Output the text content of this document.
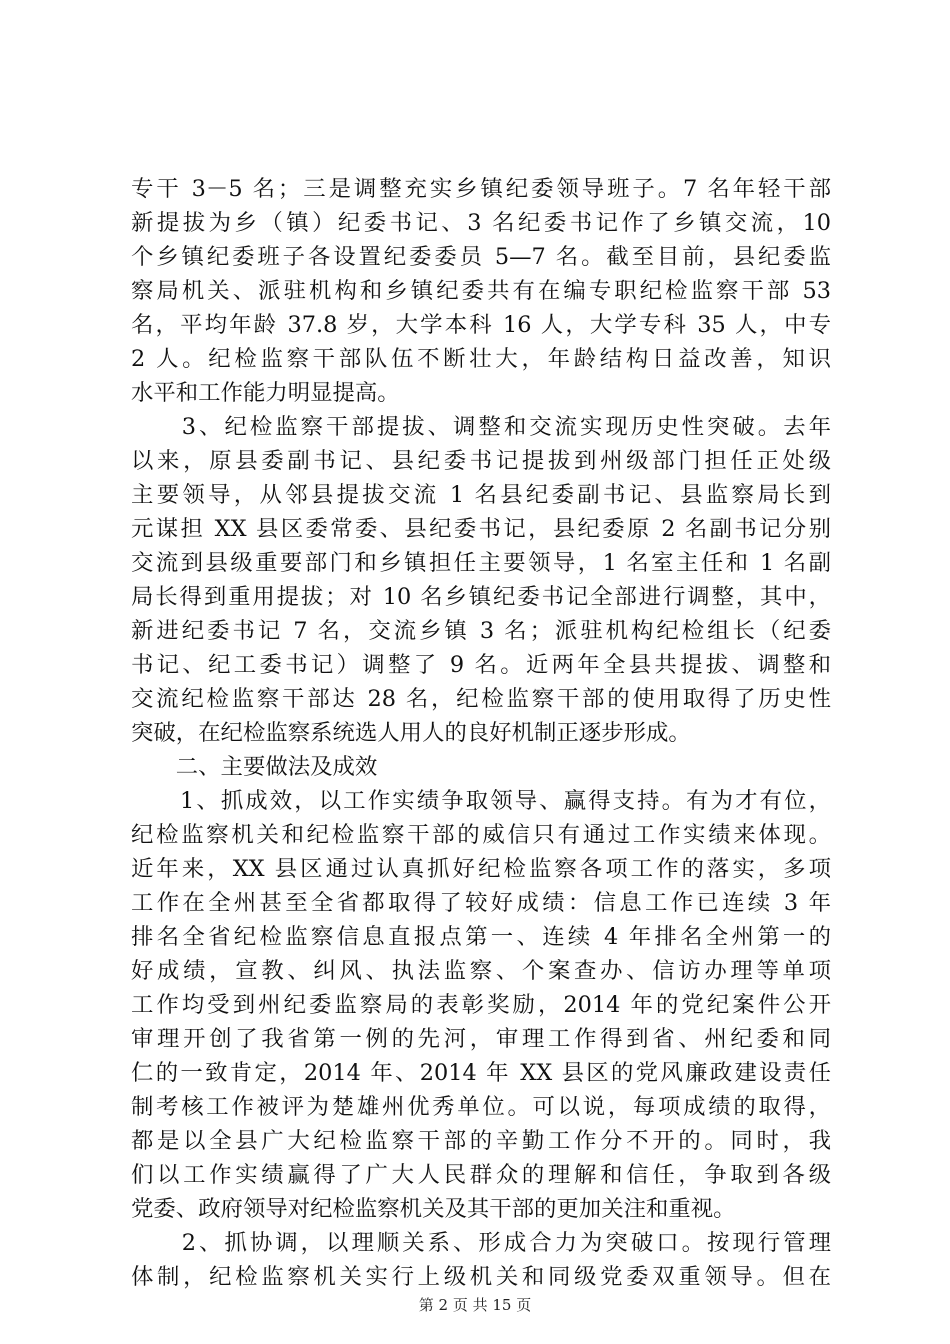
专干 3－5 名；三是调整充实乡镇纪委领导班子。7 名年轻干部
新提拔为乡（镇）纪委书记、3 名纪委书记作了乡镇交流，10
个乡镇纪委班子各设置纪委委员 5—7 名。截至目前，县纪委监
察局机关、派驻机构和乡镇纪委共有在编专职纪检监察干部 53
名，平均年龄 37.8 岁，大学本科 16 人，大学专科 35 人，中专
2 人。纪检监察干部队伍不断壮大，年龄结构日益改善，知识
水平和工作能力明显提高。
　　3、纪检监察干部提拔、调整和交流实现历史性突破。去年
以来，原县委副书记、县纪委书记提拔到州级部门担任正处级
主要领导，从邻县提拔交流 1 名县纪委副书记、县监察局长到
元谋担 XX 县区委常委、县纪委书记，县纪委原 2 名副书记分别
交流到县级重要部门和乡镇担任主要领导，1 名室主任和 1 名副
局长得到重用提拔；对 10 名乡镇纪委书记全部进行调整，其中，
新进纪委书记 7 名，交流乡镇 3 名；派驻机构纪检组长（纪委
书记、纪工委书记）调整了 9 名。近两年全县共提拔、调整和
交流纪检监察干部达 28 名，纪检监察干部的使用取得了历史性
突破，在纪检监察系统选人用人的良好机制正逐步形成。
　　二、主要做法及成效
　　1、抓成效，以工作实绩争取领导、赢得支持。有为才有位，
纪检监察机关和纪检监察干部的威信只有通过工作实绩来体现。
近年来，XX 县区通过认真抓好纪检监察各项工作的落实，多项
工作在全州甚至全省都取得了较好成绩：信息工作已连续 3 年
排名全省纪检监察信息直报点第一、连续 4 年排名全州第一的
好成绩，宣教、纠风、执法监察、个案查办、信访办理等单项
工作均受到州纪委监察局的表彰奖励，2014 年的党纪案件公开
审理开创了我省第一例的先河，审理工作得到省、州纪委和同
仁的一致肯定，2014 年、2014 年 XX 县区的党风廉政建设责任
制考核工作被评为楚雄州优秀单位。可以说，每项成绩的取得，
都是以全县广大纪检监察干部的辛勤工作分不开的。同时，我
们以工作实绩赢得了广大人民群众的理解和信任，争取到各级
党委、政府领导对纪检监察机关及其干部的更加关注和重视。
　　2、抓协调，以理顺关系、形成合力为突破口。按现行管理
体制，纪检监察机关实行上级机关和同级党委双重领导。但在
第 2 页 共 15 页
